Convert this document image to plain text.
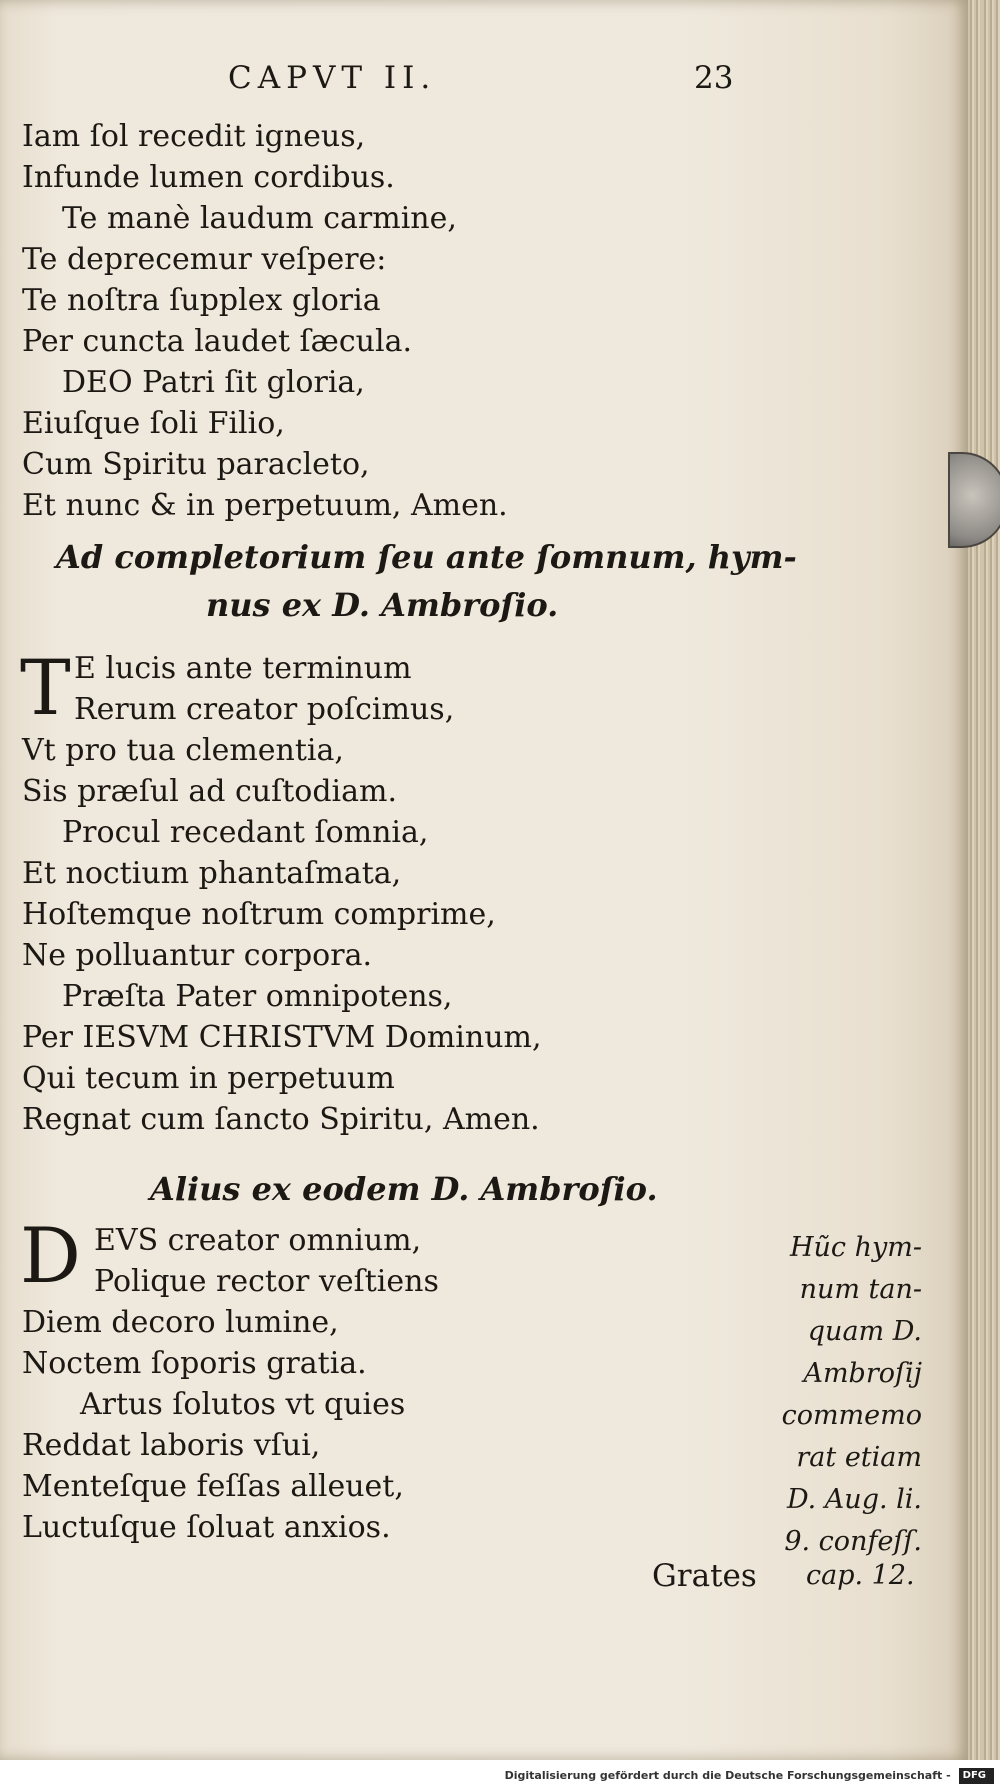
CAPVT II.	23
Iam ſol recedit igneus,
Infunde lumen cordibus.
Te manè laudum carmine,
Te deprecemur veſpere:
Te noſtra ſupplex gloria
Per cuncta laudet ſæcula.
DEO Patri ſit gloria,
Eiuſque ſoli Filio,
Cum Spiritu paracleto,
Et nunc & in perpetuum, Amen.
Ad completorium ſeu ante ſomnum, hym-
nus ex D. Ambroſio.
T E lucis ante terminum
Rerum creator poſcimus,
Vt pro tua clementia,
Sis præſul ad cuſtodiam.
Procul recedant ſomnia,
Et noctium phantaſmata,
Hoſtemque noſtrum comprime,
Ne polluantur corpora.
Præſta Pater omnipotens,
Per IESVM CHRISTVM Dominum,
Qui tecum in perpetuum
Regnat cum ſancto Spiritu, Amen.
Alius ex eodem D. Ambroſio.
D EVS creator omnium,
Polique rector veſtiens
Diem decoro lumine,
Noctem ſoporis gratia.
Artus ſolutos vt quies
Reddat laboris vſui,
Menteſque feſſas alleuet,
Luctuſque ſoluat anxios.
Hũc hym-
num tan-
quam D.
Ambroſij
commemo
rat etiam
D. Aug. li.
9. confeſſ.
Grates cap. 12.
Digitalisierung gefördert durch die Deutsche Forschungsgemeinschaft - DFG
